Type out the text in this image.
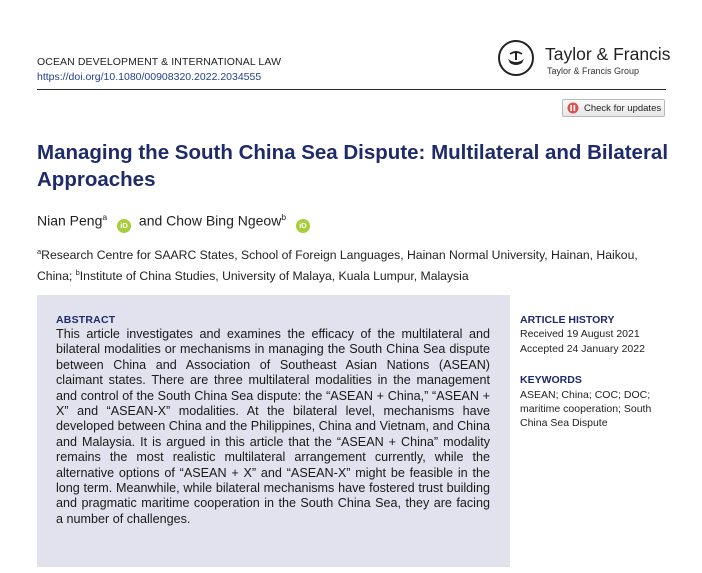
OCEAN DEVELOPMENT & INTERNATIONAL LAW
https://doi.org/10.1080/00908320.2022.2034555
Taylor & Francis
Taylor & Francis Group
Check for updates
Managing the South China Sea Dispute: Multilateral and Bilateral Approaches
Nian Peng$^a$ iD and Chow Bing Ngeow$^b$ iD
$^a$Research Centre for SAARC States, School of Foreign Languages, Hainan Normal University, Hainan, Haikou, China; $^b$Institute of China Studies, University of Malaya, Kuala Lumpur, Malaysia
ABSTRACT

This article investigates and examines the efficacy of the multilateral and bilateral modalities or mechanisms in managing the South China Sea dispute between China and Association of Southeast Asian Nations (ASEAN) claimant states. There are three multilateral modalities in the management and control of the South China Sea dispute: the “ASEAN + China,” “ASEAN + X” and “ASEAN-X” modalities. At the bilateral level, mechanisms have developed between China and the Philippines, China and Vietnam, and China and Malaysia. It is argued in this article that the “ASEAN + China” modality remains the most realistic multilateral arrangement currently, while the alternative options of “ASEAN + X” and “ASEAN-X” might be feasible in the long term. Meanwhile, while bilateral mechanisms have fostered trust building and pragmatic maritime cooperation in the South China Sea, they are facing a number of challenges.

ARTICLE HISTORY
Received 19 August 2021
Accepted 24 January 2022
KEYWORDS
ASEAN; China; COC; DOC; maritime cooperation; South China Sea Dispute
